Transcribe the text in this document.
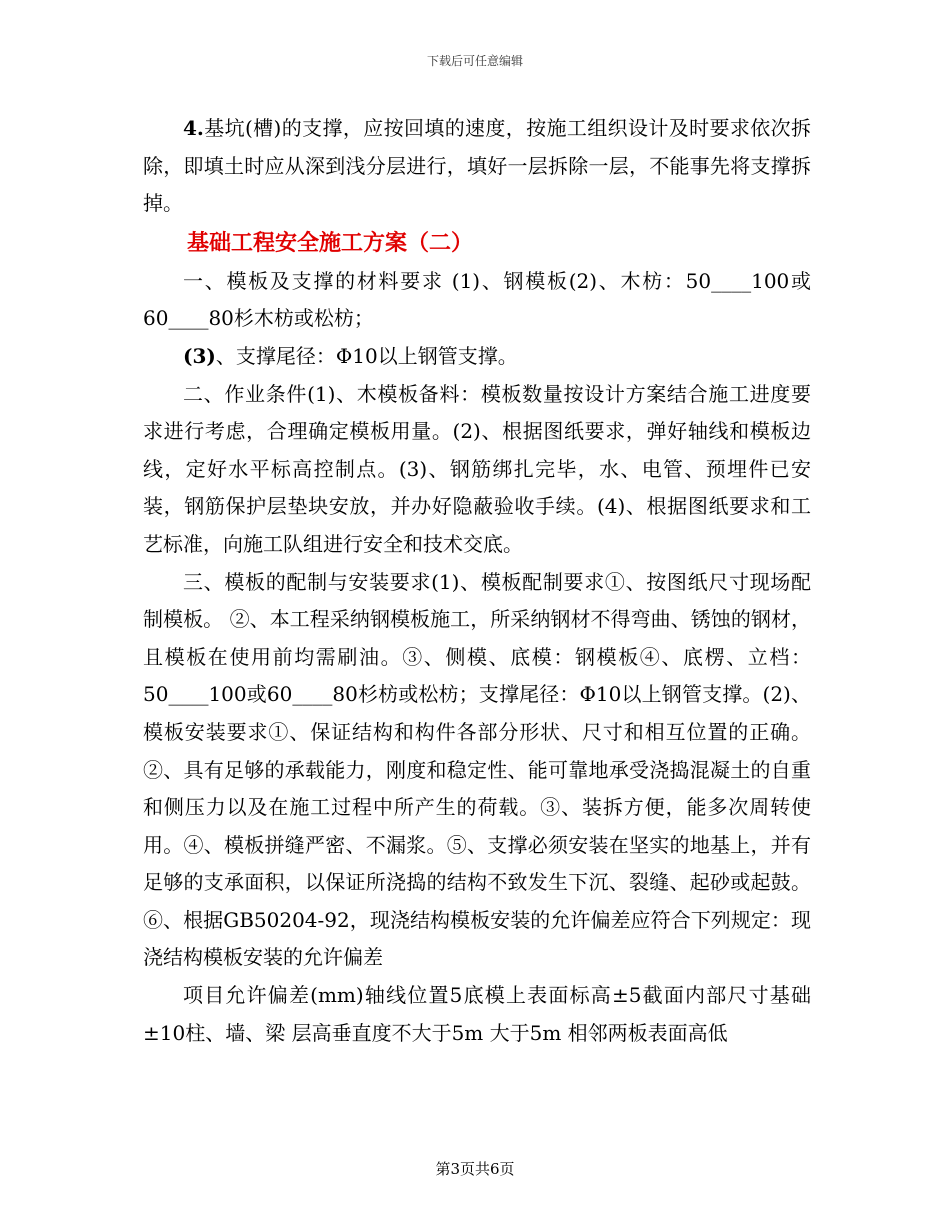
下载后可任意编辑

4.基坑(槽)的支撑，应按回填的速度，按施工组织设计及时要求依次拆除，即填土时应从深到浅分层进行，填好一层拆除一层，不能事先将支撑拆掉。

基础工程安全施工方案（二）

一、模板及支撑的材料要求 (1)、钢模板(2)、木枋：50____100或60____80杉木枋或松枋；

(3)、支撑尾径：Φ10以上钢管支撑。

二、作业条件(1)、木模板备料：模板数量按设计方案结合施工进度要求进行考虑，合理确定模板用量。(2)、根据图纸要求，弹好轴线和模板边线，定好水平标高控制点。(3)、钢筋绑扎完毕，水、电管、预埋件已安装，钢筋保护层垫块安放，并办好隐蔽验收手续。(4)、根据图纸要求和工艺标准，向施工队组进行安全和技术交底。

三、模板的配制与安装要求(1)、模板配制要求①、按图纸尺寸现场配制模板。 ②、本工程采纳钢模板施工，所采纳钢材不得弯曲、锈蚀的钢材，且模板在使用前均需刷油。③、侧模、底模：钢模板④、底楞、立档：50____100或60____80杉枋或松枋；支撑尾径：Φ10以上钢管支撑。(2)、模板安装要求①、保证结构和构件各部分形状、尺寸和相互位置的正确。 ②、具有足够的承载能力，刚度和稳定性、能可靠地承受浇捣混凝土的自重和侧压力以及在施工过程中所产生的荷载。③、装拆方便，能多次周转使用。④、模板拼缝严密、不漏浆。⑤、支撑必须安装在坚实的地基上，并有足够的支承面积，以保证所浇捣的结构不致发生下沉、裂缝、起砂或起鼓。⑥、根据GB50204-92，现浇结构模板安装的允许偏差应符合下列规定：现浇结构模板安装的允许偏差

项目允许偏差(mm)轴线位置5底模上表面标高±5截面内部尺寸基础±10柱、墙、梁 层高垂直度不大于5m 大于5m 相邻两板表面高低

第3页共6页
